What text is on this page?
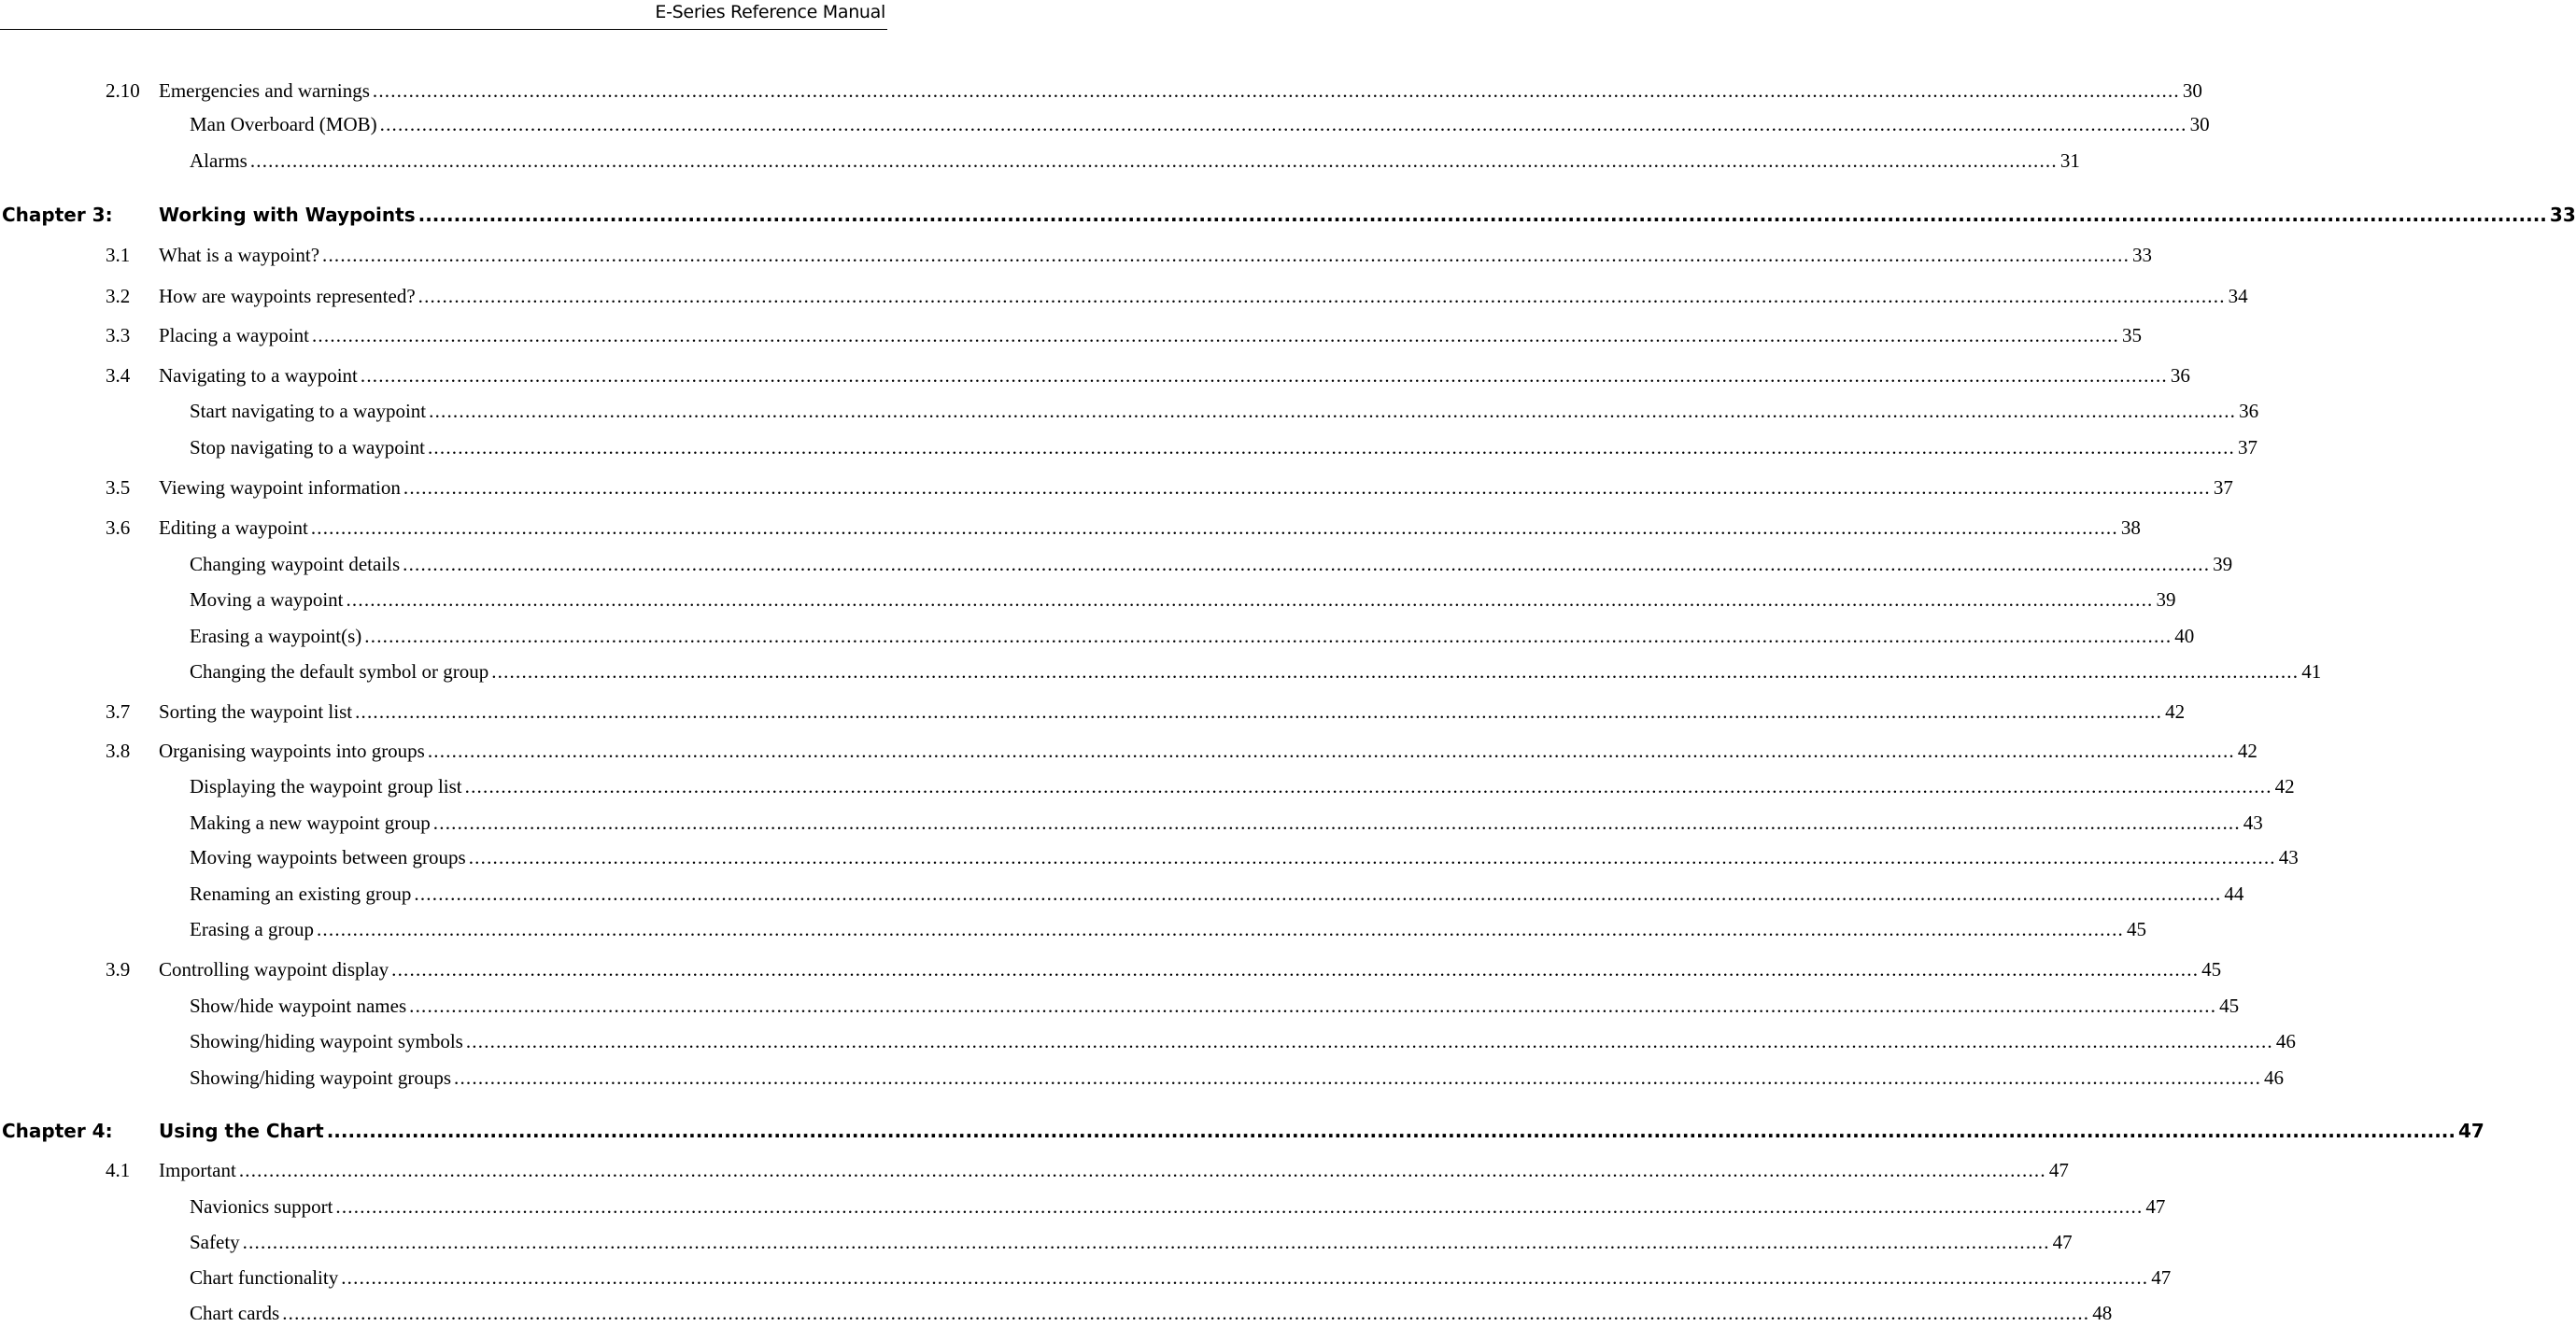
E-Series Reference Manual
2.10 Emergencies and warnings ............................................................................................................................................................................................................................................................................................................ 30
Man Overboard (MOB) ............................................................................................................................................................................................................................................................................................................ 30
Alarms ............................................................................................................................................................................................................................................................................................................ 31
Chapter 3: Working with Waypoints ............................................................................................................................................................................................................................................................................................................ 33
3.1 What is a waypoint? ............................................................................................................................................................................................................................................................................................................ 33
3.2 How are waypoints represented? ............................................................................................................................................................................................................................................................................................................ 34
3.3 Placing a waypoint ............................................................................................................................................................................................................................................................................................................ 35
3.4 Navigating to a waypoint ............................................................................................................................................................................................................................................................................................................ 36
Start navigating to a waypoint ............................................................................................................................................................................................................................................................................................................ 36
Stop navigating to a waypoint ............................................................................................................................................................................................................................................................................................................ 37
3.5 Viewing waypoint information ............................................................................................................................................................................................................................................................................................................ 37
3.6 Editing a waypoint ............................................................................................................................................................................................................................................................................................................ 38
Changing waypoint details ............................................................................................................................................................................................................................................................................................................ 39
Moving a waypoint ............................................................................................................................................................................................................................................................................................................ 39
Erasing a waypoint(s) ............................................................................................................................................................................................................................................................................................................ 40
Changing the default symbol or group ............................................................................................................................................................................................................................................................................................................ 41
3.7 Sorting the waypoint list ............................................................................................................................................................................................................................................................................................................ 42
3.8 Organising waypoints into groups ............................................................................................................................................................................................................................................................................................................ 42
Displaying the waypoint group list ............................................................................................................................................................................................................................................................................................................ 42
Making a new waypoint group ............................................................................................................................................................................................................................................................................................................ 43
Moving waypoints between groups ............................................................................................................................................................................................................................................................................................................ 43
Renaming an existing group ............................................................................................................................................................................................................................................................................................................ 44
Erasing a group ............................................................................................................................................................................................................................................................................................................ 45
3.9 Controlling waypoint display ............................................................................................................................................................................................................................................................................................................ 45
Show/hide waypoint names ............................................................................................................................................................................................................................................................................................................ 45
Showing/hiding waypoint symbols ............................................................................................................................................................................................................................................................................................................ 46
Showing/hiding waypoint groups ............................................................................................................................................................................................................................................................................................................ 46
Chapter 4: Using the Chart ............................................................................................................................................................................................................................................................................................................ 47
4.1 Important ............................................................................................................................................................................................................................................................................................................ 47
Navionics support ............................................................................................................................................................................................................................................................................................................ 47
Safety ............................................................................................................................................................................................................................................................................................................ 47
Chart functionality ............................................................................................................................................................................................................................................................................................................ 47
Chart cards ............................................................................................................................................................................................................................................................................................................ 48
